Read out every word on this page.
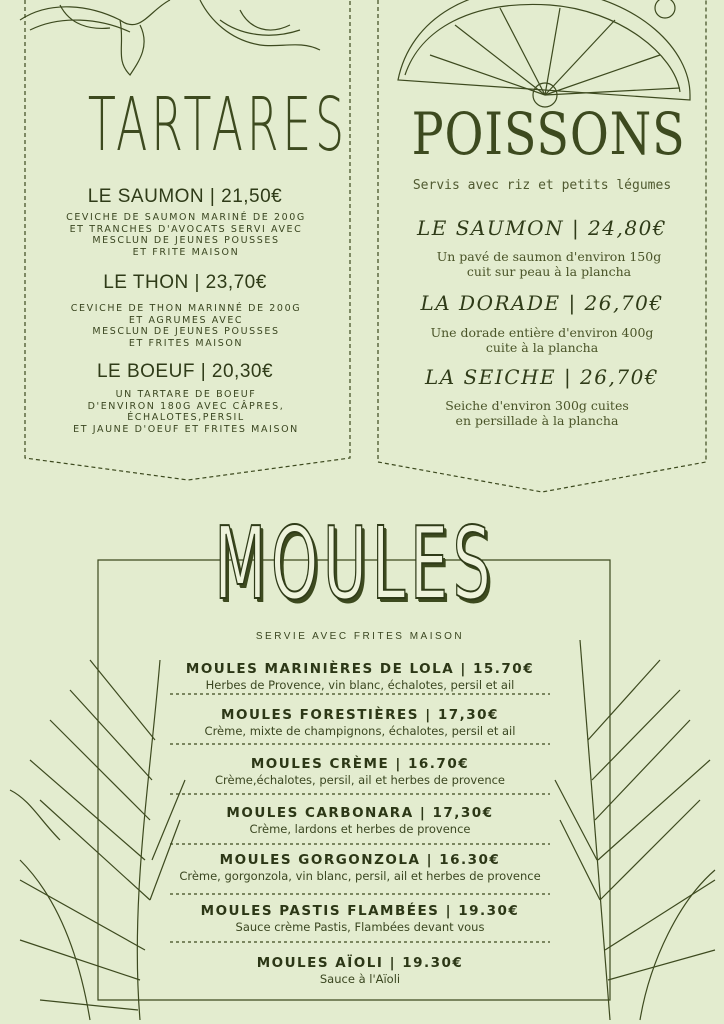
TARTARES
LE SAUMON | 21,50€
CEVICHE DE SAUMON MARINÉ DE 200G
ET TRANCHES D'AVOCATS SERVI AVEC
MESCLUN DE JEUNES POUSSES
ET FRITE MAISON
LE THON | 23,70€
CEVICHE DE THON MARINNÉ DE 200G
ET AGRUMES AVEC
MESCLUN DE JEUNES POUSSES
ET FRITES MAISON
LE BOEUF | 20,30€
UN TARTARE DE BOEUF
D'ENVIRON 180G AVEC CÂPRES,
ÉCHALOTES,PERSIL
ET JAUNE D'OEUF ET FRITES MAISON
POISSONS
Servis avec riz et petits légumes
LE SAUMON | 24,80€
Un pavé de saumon d'environ 150g
cuit sur peau à la plancha
LA DORADE | 26,70€
Une dorade entière d'environ 400g
cuite à la plancha
LA SEICHE | 26,70€
Seiche d'environ 300g cuites
en persillade à la plancha
MOULES
SERVIE AVEC FRITES MAISON
MOULES MARINIÈRES DE LOLA | 15.70€
Herbes de Provence, vin blanc, échalotes, persil et ail
MOULES FORESTIÈRES | 17,30€
Crème, mixte de champignons, échalotes, persil et ail
MOULES CRÈME | 16.70€
Crème,échalotes, persil, ail et herbes de provence
MOULES CARBONARA | 17,30€
Crème, lardons et herbes de provence
MOULES GORGONZOLA | 16.30€
Crème, gorgonzola, vin blanc, persil, ail et herbes de provence
MOULES PASTIS FLAMBÉES | 19.30€
Sauce crème Pastis, Flambées devant vous
MOULES AÏOLI | 19.30€
Sauce à l'Aïoli
